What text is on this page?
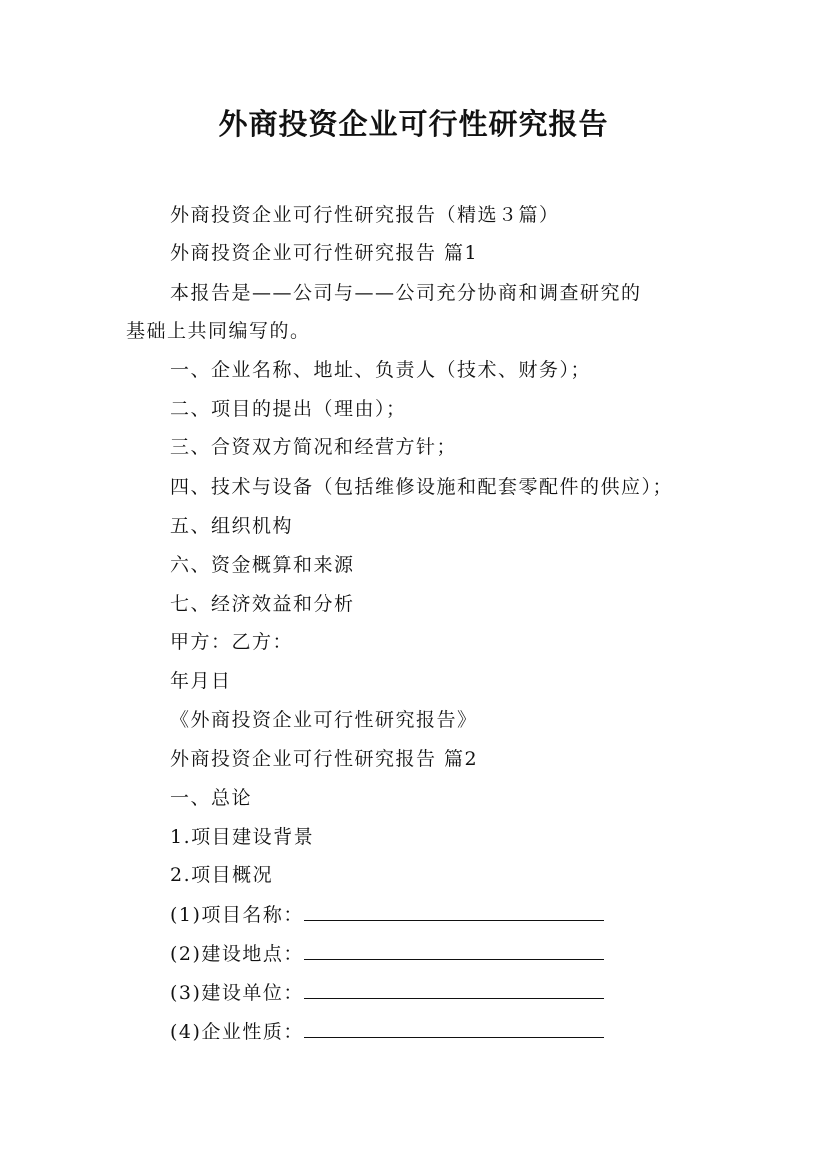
外商投资企业可行性研究报告
外商投资企业可行性研究报告（精选３篇）
外商投资企业可行性研究报告 篇1
本报告是——公司与——公司充分协商和调查研究的
基础上共同编写的。
一、企业名称、地址、负责人（技术、财务）；
二、项目的提出（理由）；
三、合资双方简况和经营方针；
四、技术与设备（包括维修设施和配套零配件的供应）；
五、组织机构
六、资金概算和来源
七、经济效益和分析
甲方：乙方：
年月日
《外商投资企业可行性研究报告》
外商投资企业可行性研究报告 篇2
一、总论
1.项目建设背景
2.项目概况
(1)项目名称：
(2)建设地点：
(3)建设单位：
(4)企业性质：
